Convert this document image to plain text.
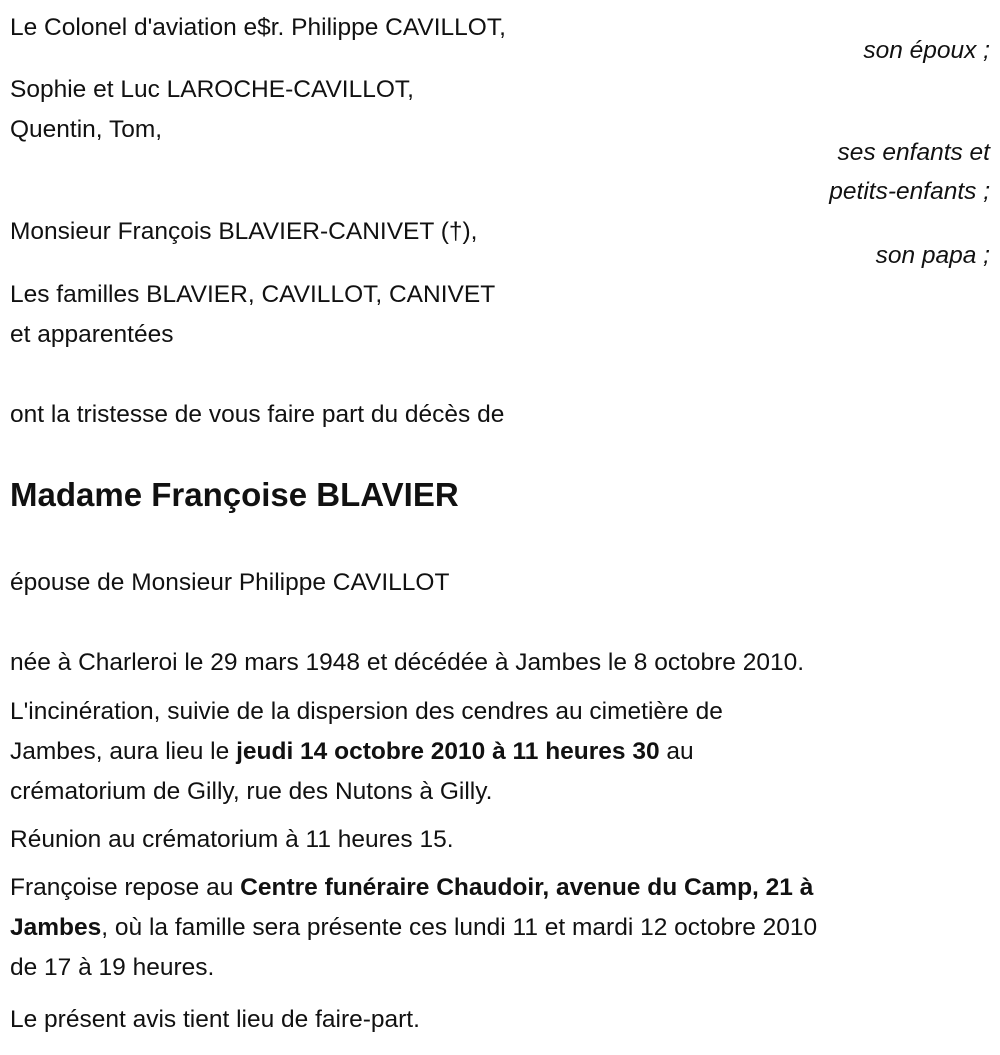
Le Colonel d'aviation e$r. Philippe CAVILLOT,
son époux ;
Sophie et Luc LAROCHE-CAVILLOT,
Quentin, Tom,
ses enfants et
petits-enfants ;
Monsieur François BLAVIER-CANIVET (†),
son papa ;
Les familles BLAVIER, CAVILLOT, CANIVET
et apparentées
ont la tristesse de vous faire part du décès de
Madame Françoise BLAVIER
épouse de Monsieur Philippe CAVILLOT
née à Charleroi le 29 mars 1948 et décédée à Jambes le 8 octobre 2010.
L'incinération, suivie de la dispersion des cendres au cimetière de
Jambes, aura lieu le jeudi 14 octobre 2010 à 11 heures 30 au
crématorium de Gilly, rue des Nutons à Gilly.
Réunion au crématorium à 11 heures 15.
Françoise repose au Centre funéraire Chaudoir, avenue du Camp, 21 à
Jambes, où la famille sera présente ces lundi 11 et mardi 12 octobre 2010
de 17 à 19 heures.
Le présent avis tient lieu de faire-part.
